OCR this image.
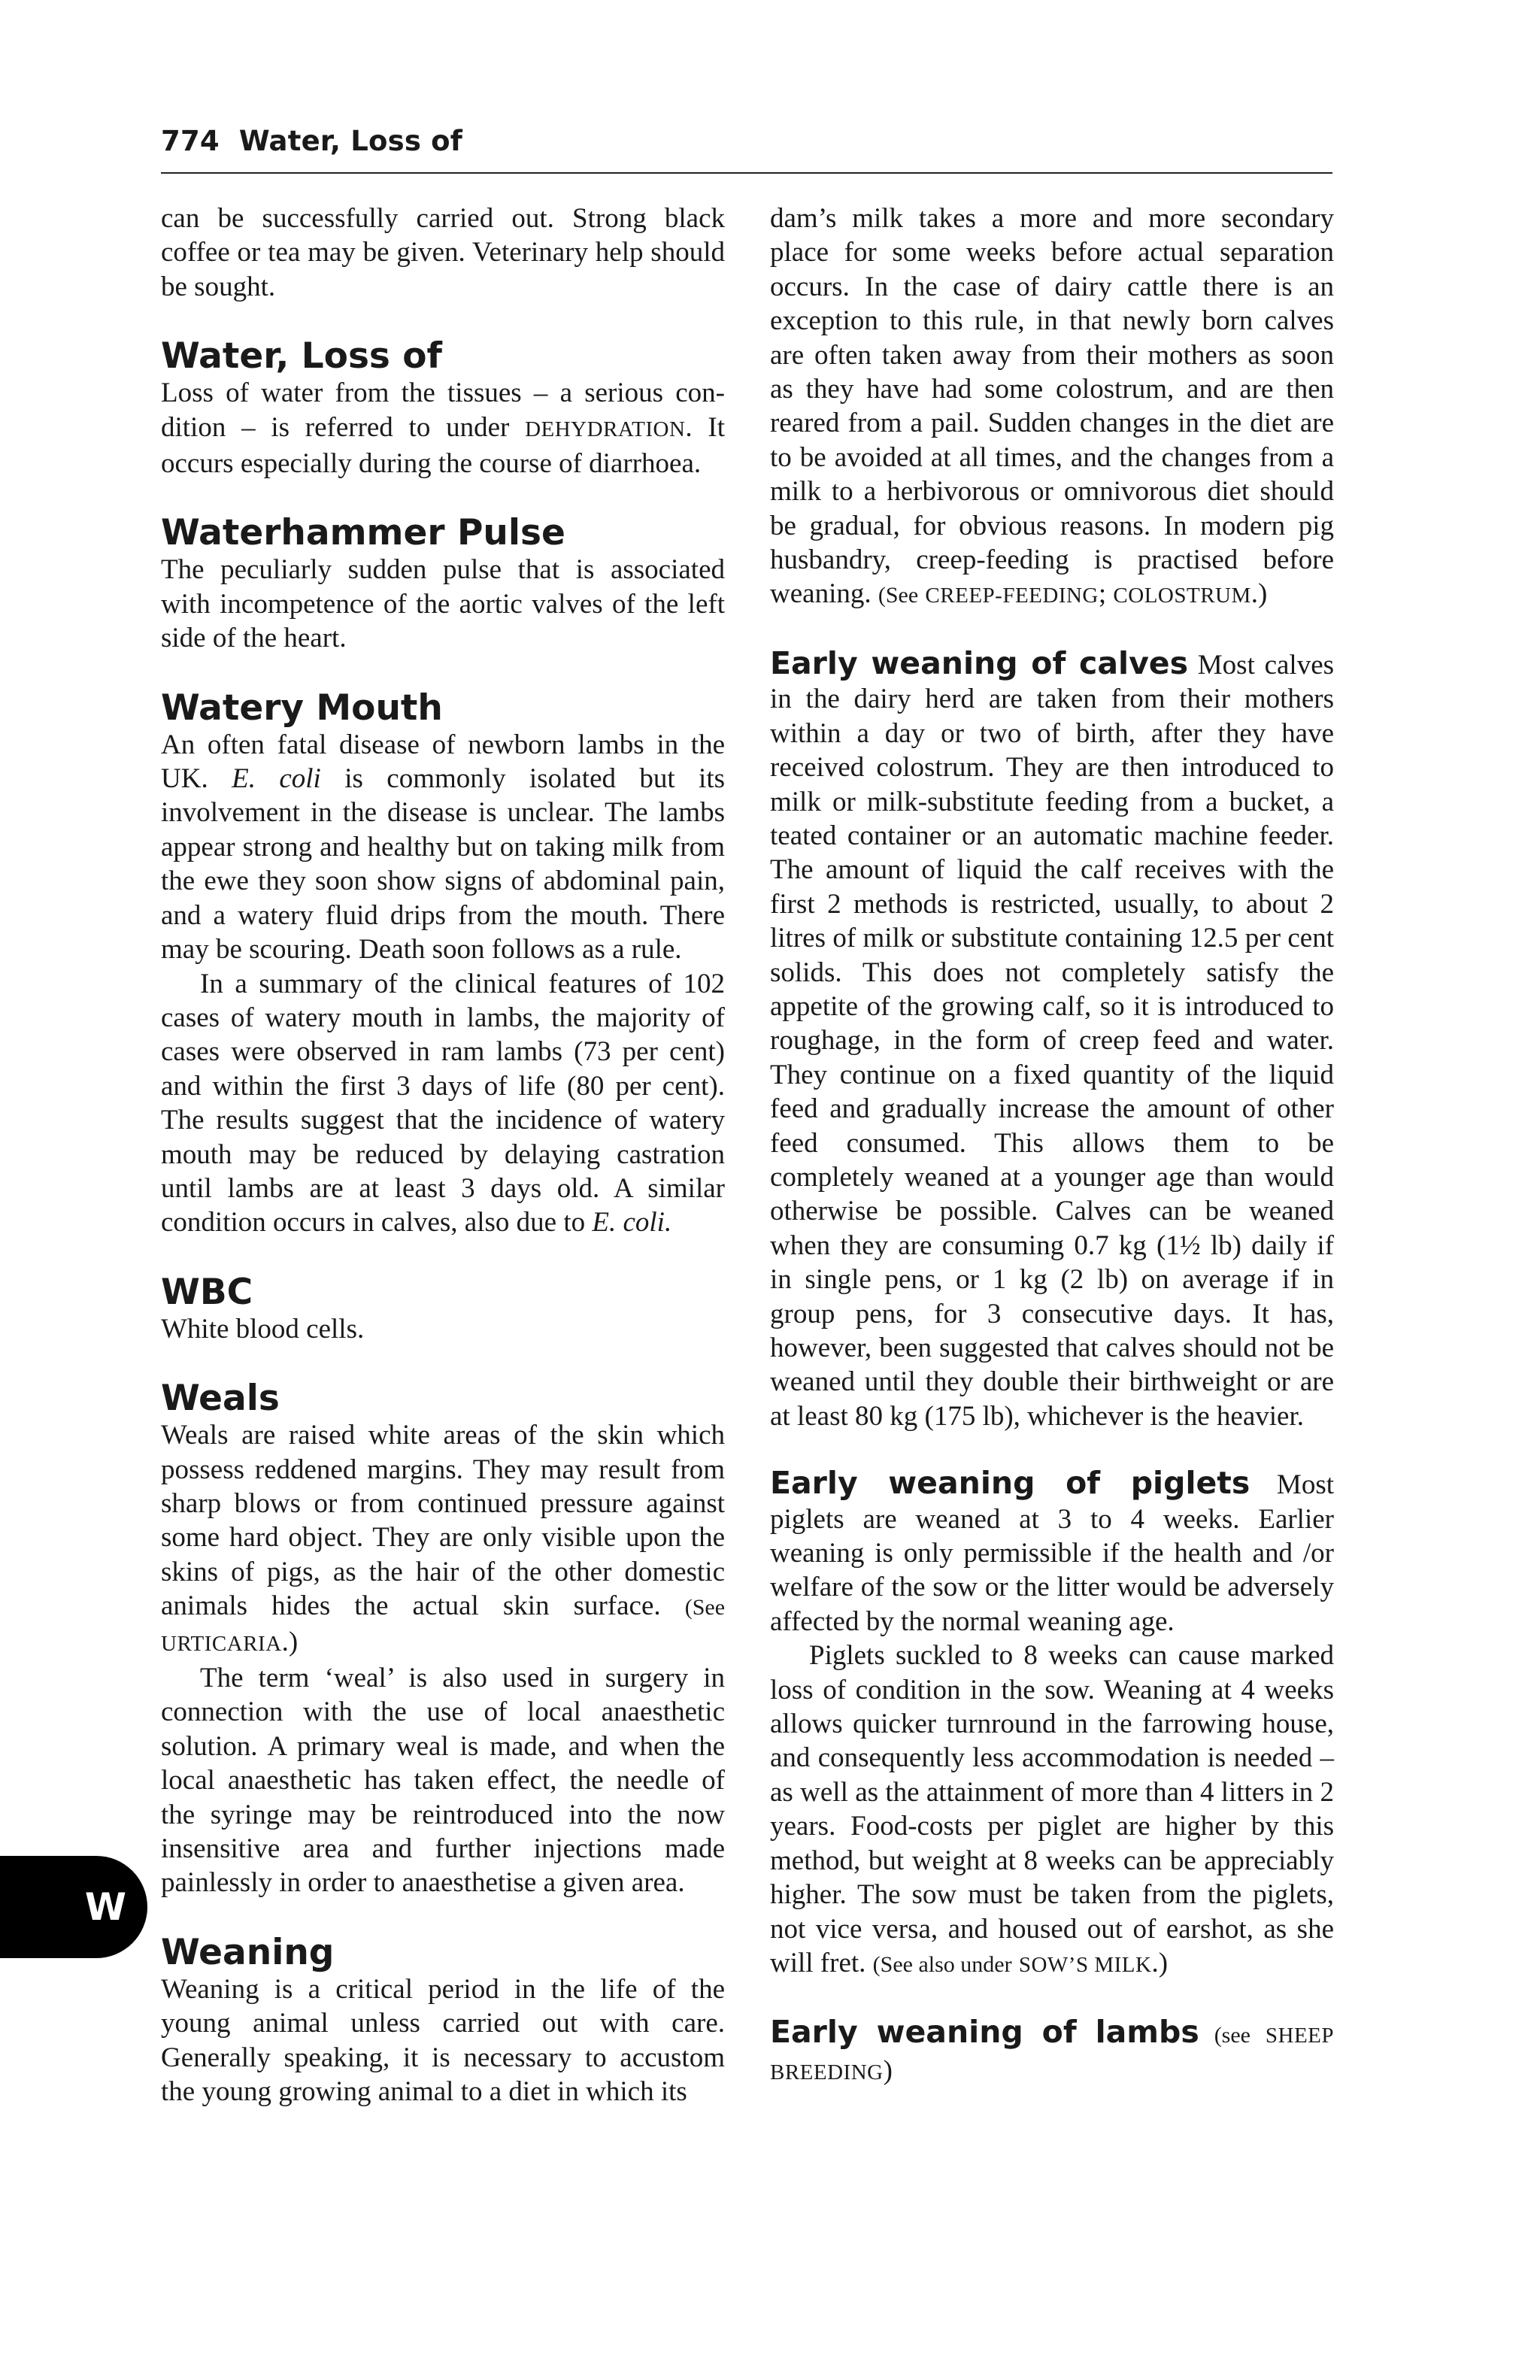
774 Water, Loss of

can be successfully carried out. Strong black coffee or tea may be given. Veterinary help should be sought.

Water, Loss of

Loss of water from the tissues – a serious condition – is referred to under DEHYDRATION. It occurs especially during the course of diarrhoea.

Waterhammer Pulse

The peculiarly sudden pulse that is associated with incompetence of the aortic valves of the left side of the heart.

Watery Mouth

An often fatal disease of newborn lambs in the UK. E. coli is commonly isolated but its involvement in the disease is unclear. The lambs appear strong and healthy but on taking milk from the ewe they soon show signs of abdominal pain, and a watery fluid drips from the mouth. There may be scouring. Death soon follows as a rule.

In a summary of the clinical features of 102 cases of watery mouth in lambs, the majority of cases were observed in ram lambs (73 per cent) and within the first 3 days of life (80 per cent). The results suggest that the incidence of watery mouth may be reduced by delaying castration until lambs are at least 3 days old. A similar condition occurs in calves, also due to E. coli.

WBC

White blood cells.

Weals

Weals are raised white areas of the skin which possess reddened margins. They may result from sharp blows or from continued pressure against some hard object. They are only visible upon the skins of pigs, as the hair of the other domestic animals hides the actual skin surface. (See URTICARIA.)

The term ‘weal’ is also used in surgery in connection with the use of local anaesthetic solution. A primary weal is made, and when the local anaesthetic has taken effect, the needle of the syringe may be reintroduced into the now insensitive area and further injections made painlessly in order to anaesthetise a given area.

Weaning

Weaning is a critical period in the life of the young animal unless carried out with care. Generally speaking, it is necessary to accustom the young growing animal to a diet in which its

dam’s milk takes a more and more secondary place for some weeks before actual separation occurs. In the case of dairy cattle there is an exception to this rule, in that newly born calves are often taken away from their mothers as soon as they have had some colostrum, and are then reared from a pail. Sudden changes in the diet are to be avoided at all times, and the changes from a milk to a herbivorous or omnivorous diet should be gradual, for obvious reasons. In modern pig husbandry, creep-feeding is practised before weaning. (See CREEP-FEEDING; COLOSTRUM.)

Early weaning of calves Most calves in the dairy herd are taken from their mothers within a day or two of birth, after they have received colostrum. They are then introduced to milk or milk-substitute feeding from a bucket, a teated container or an automatic machine feeder. The amount of liquid the calf receives with the first 2 methods is restricted, usually, to about 2 litres of milk or substitute containing 12.5 per cent solids. This does not completely satisfy the appetite of the growing calf, so it is introduced to roughage, in the form of creep feed and water. They continue on a fixed quantity of the liquid feed and gradually increase the amount of other feed consumed. This allows them to be completely weaned at a younger age than would otherwise be possible. Calves can be weaned when they are consuming 0.7 kg (1½ lb) daily if in single pens, or 1 kg (2 lb) on average if in group pens, for 3 consecutive days. It has, however, been suggested that calves should not be weaned until they double their birthweight or are at least 80 kg (175 lb), whichever is the heavier.

Early weaning of piglets Most piglets are weaned at 3 to 4 weeks. Earlier weaning is only permissible if the health and /or welfare of the sow or the litter would be adversely affected by the normal weaning age.

Piglets suckled to 8 weeks can cause marked loss of condition in the sow. Weaning at 4 weeks allows quicker turnround in the farrowing house, and consequently less accommodation is needed – as well as the attainment of more than 4 litters in 2 years. Food-costs per piglet are higher by this method, but weight at 8 weeks can be appreciably higher. The sow must be taken from the piglets, not vice versa, and housed out of earshot, as she will fret. (See also under SOW’S MILK.)

Early weaning of lambs (see SHEEP BREEDING)

W
